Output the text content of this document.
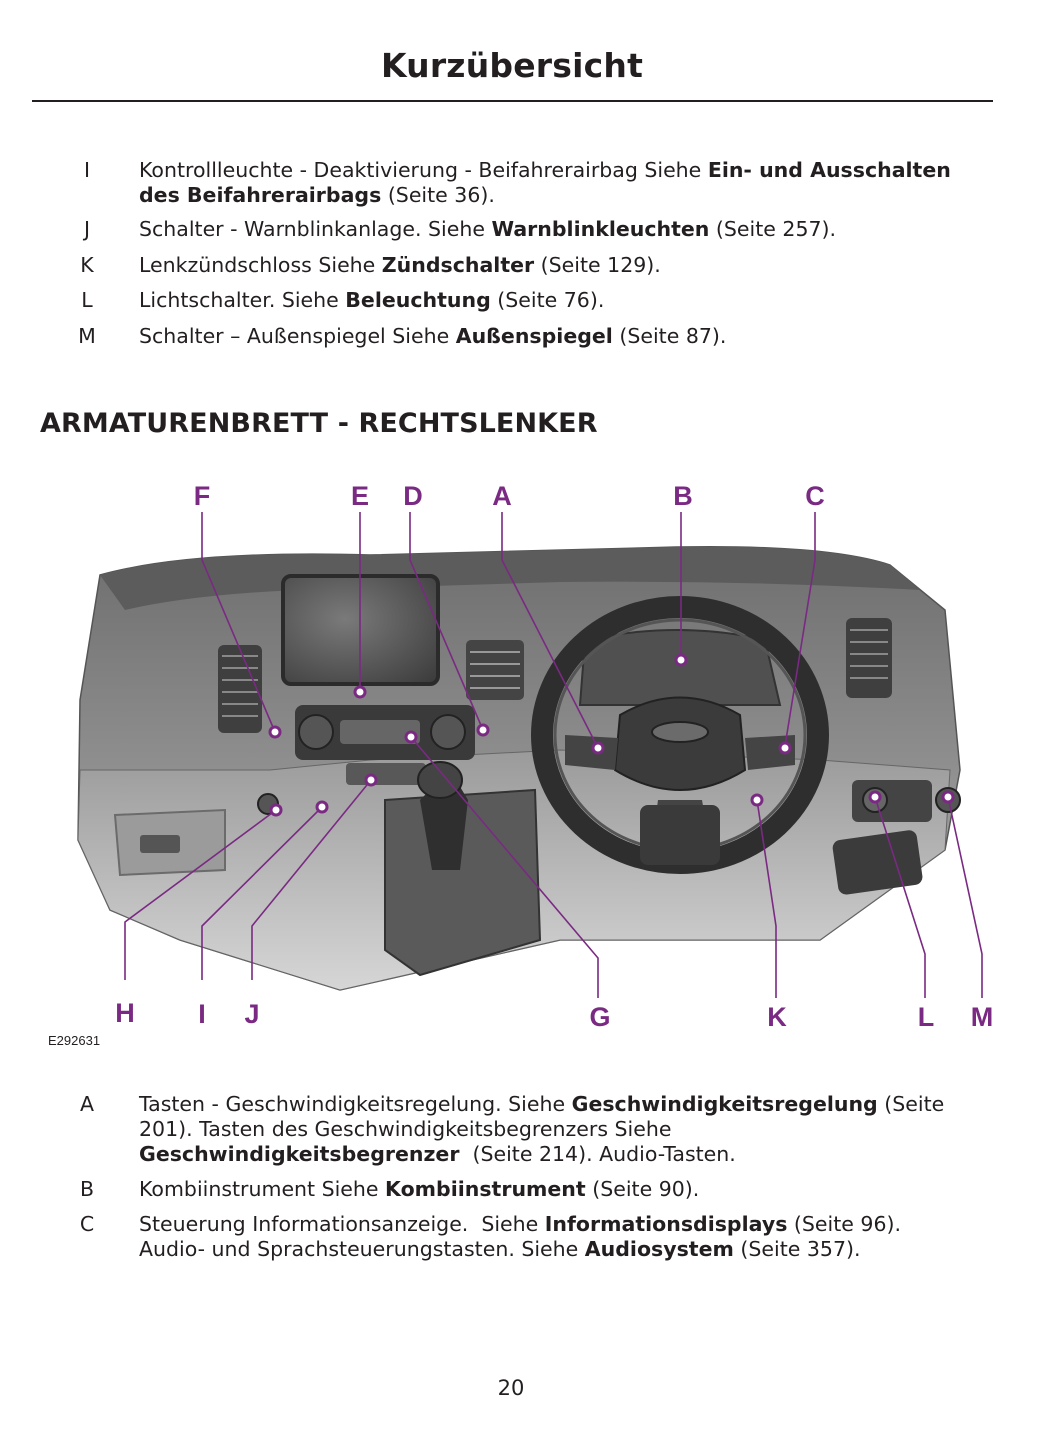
Kurzübersicht
I	Kontrollleuchte - Deaktivierung - Beifahrerairbag Siehe Ein- und Ausschalten
des Beifahrerairbags (Seite 36).
J	Schalter - Warnblinkanlage. Siehe Warnblinkleuchten (Seite 257).
K	Lenkzündschloss Siehe Zündschalter (Seite 129).
L	Lichtschalter. Siehe Beleuchtung (Seite 76).
M Schalter – Außenspiegel Siehe Außenspiegel (Seite 87).
ARMATURENBRETT - RECHTSLENKER
F	E D	A	B	C
H I J	G	K	L M
E292631
A Tasten - Geschwindigkeitsregelung. Siehe Geschwindigkeitsregelung (Seite
201). Tasten des Geschwindigkeitsbegrenzers Siehe
Geschwindigkeitsbegrenzer  (Seite 214). Audio-Tasten.
B Kombiinstrument Siehe Kombiinstrument (Seite 90).
C Steuerung Informationsanzeige.  Siehe Informationsdisplays (Seite 96).
Audio- und Sprachsteuerungstasten. Siehe Audiosystem (Seite 357).
20
